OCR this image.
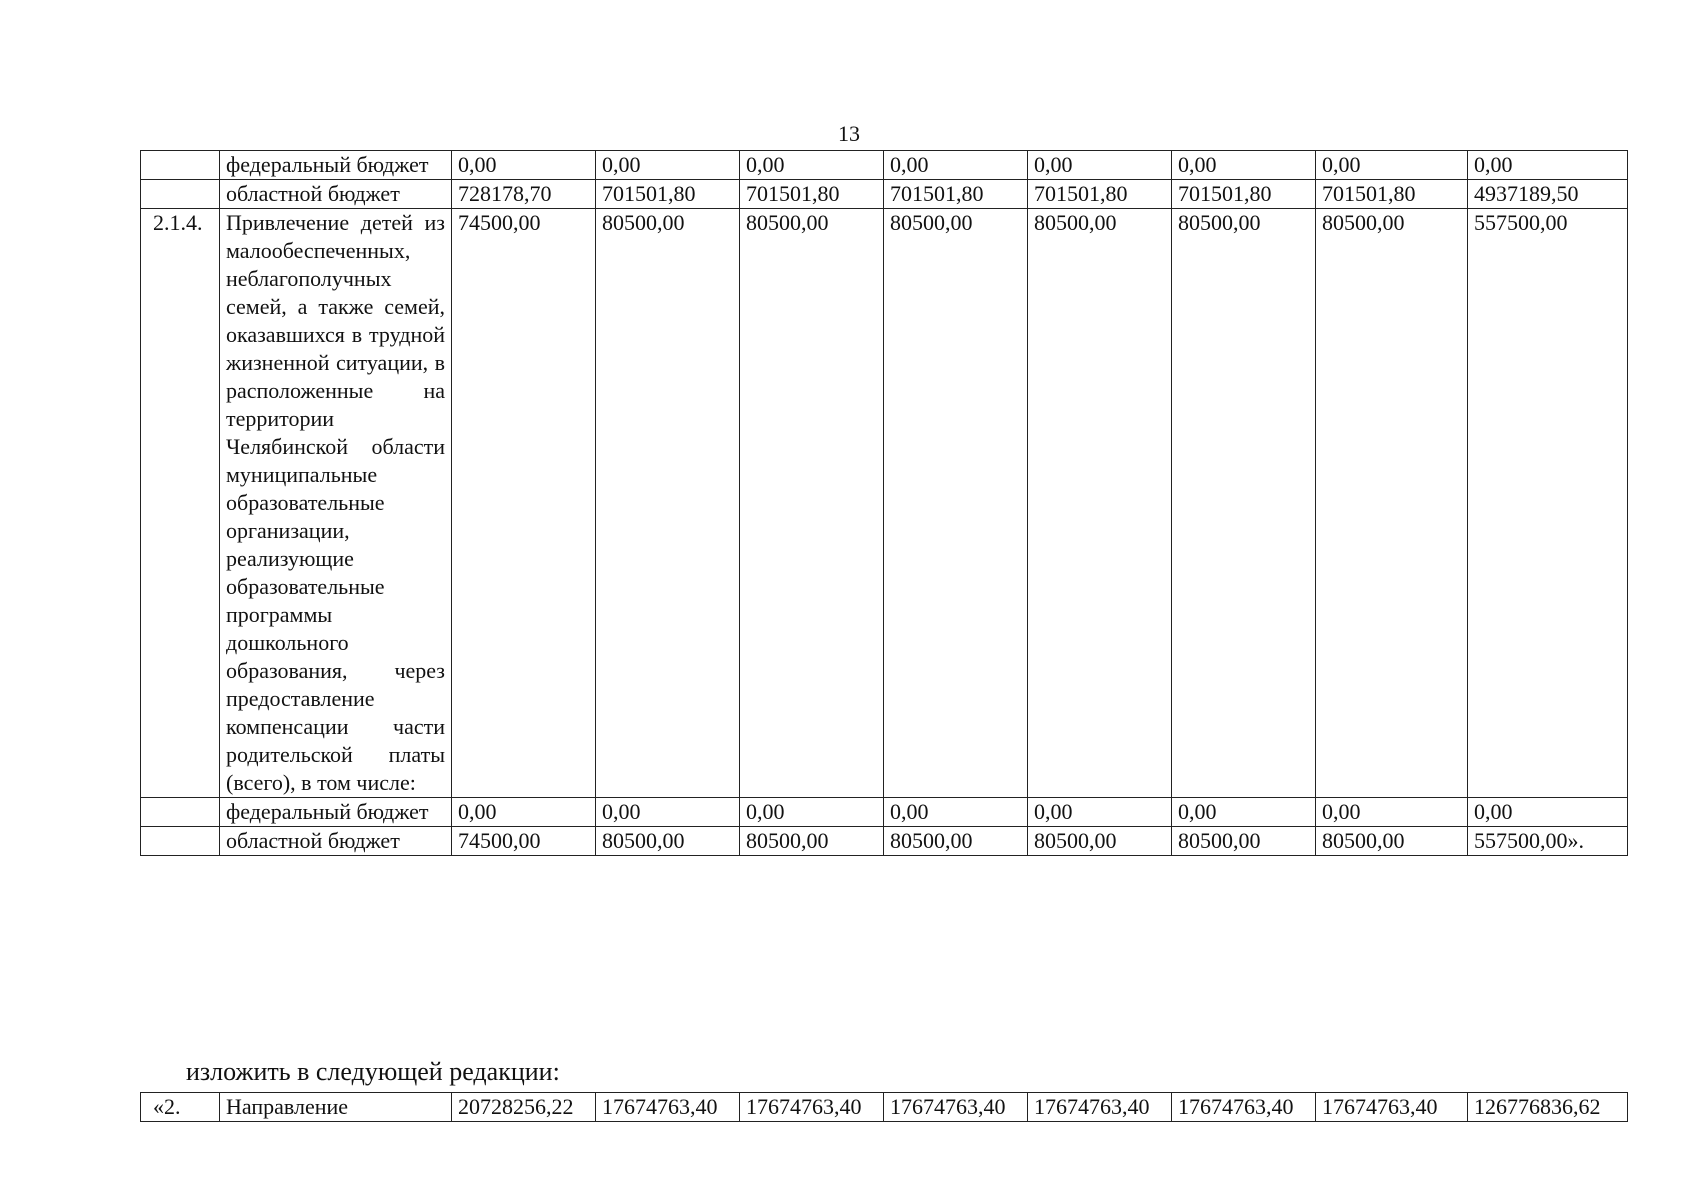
13
	федеральный бюджет	0,00	0,00	0,00	0,00	0,00	0,00	0,00	0,00
	областной бюджет	728178,70	701501,80	701501,80	701501,80	701501,80	701501,80	701501,80	4937189,50
2.1.4.	Привлечение детей из малообеспеченных, неблагополучных семей, а также семей, оказавшихся в трудной жизненной ситуации, в расположенные на территории Челябинской области муниципальные образовательные организации, реализующие образовательные программы дошкольного образования, через предоставление компенсации части родительской платы (всего), в том числе:	74500,00	80500,00	80500,00	80500,00	80500,00	80500,00	80500,00	557500,00
	федеральный бюджет	0,00	0,00	0,00	0,00	0,00	0,00	0,00	0,00
	областной бюджет	74500,00	80500,00	80500,00	80500,00	80500,00	80500,00	80500,00	557500,00».
изложить в следующей редакции:
«2.	Направление	20728256,22	17674763,40	17674763,40	17674763,40	17674763,40	17674763,40	17674763,40	126776836,62
